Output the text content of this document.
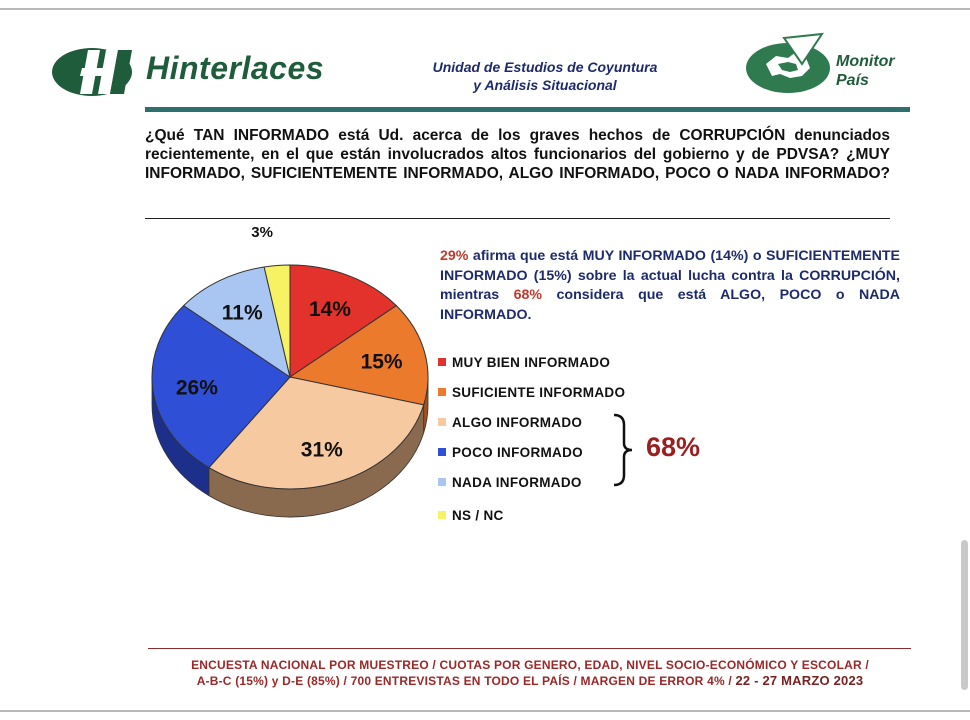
Hinterlaces	Unidad de Estudios de Coyuntura
y Análisis Situacional
Monitor
País
¿Qué TAN INFORMADO está Ud. acerca de los graves hechos de CORRUPCIÓN denunciados recientemente, en el que están involucrados altos funcionarios del gobierno y de PDVSA? ¿MUY INFORMADO, SUFICIENTEMENTE INFORMADO, ALGO INFORMADO, POCO O NADA INFORMADO?
14%
15%
31%
26%
11%
3%
29% afirma que está MUY INFORMADO (14%) o SUFICIENTEMENTE INFORMADO (15%) sobre la actual lucha contra la CORRUPCIÓN, mientras 68% considera que está ALGO, POCO o NADA INFORMADO.
MUY BIEN INFORMADO
SUFICIENTE INFORMADO
ALGO INFORMADO
POCO INFORMADO
NADA INFORMADO
NS / NC
68%
ENCUESTA NACIONAL POR MUESTREO / CUOTAS POR GENERO, EDAD, NIVEL SOCIO-ECONÓMICO Y ESCOLAR /
A-B-C (15%) y D-E (85%) / 700 ENTREVISTAS EN TODO EL PAÍS / MARGEN DE ERROR 4% / 22 - 27 MARZO 2023
